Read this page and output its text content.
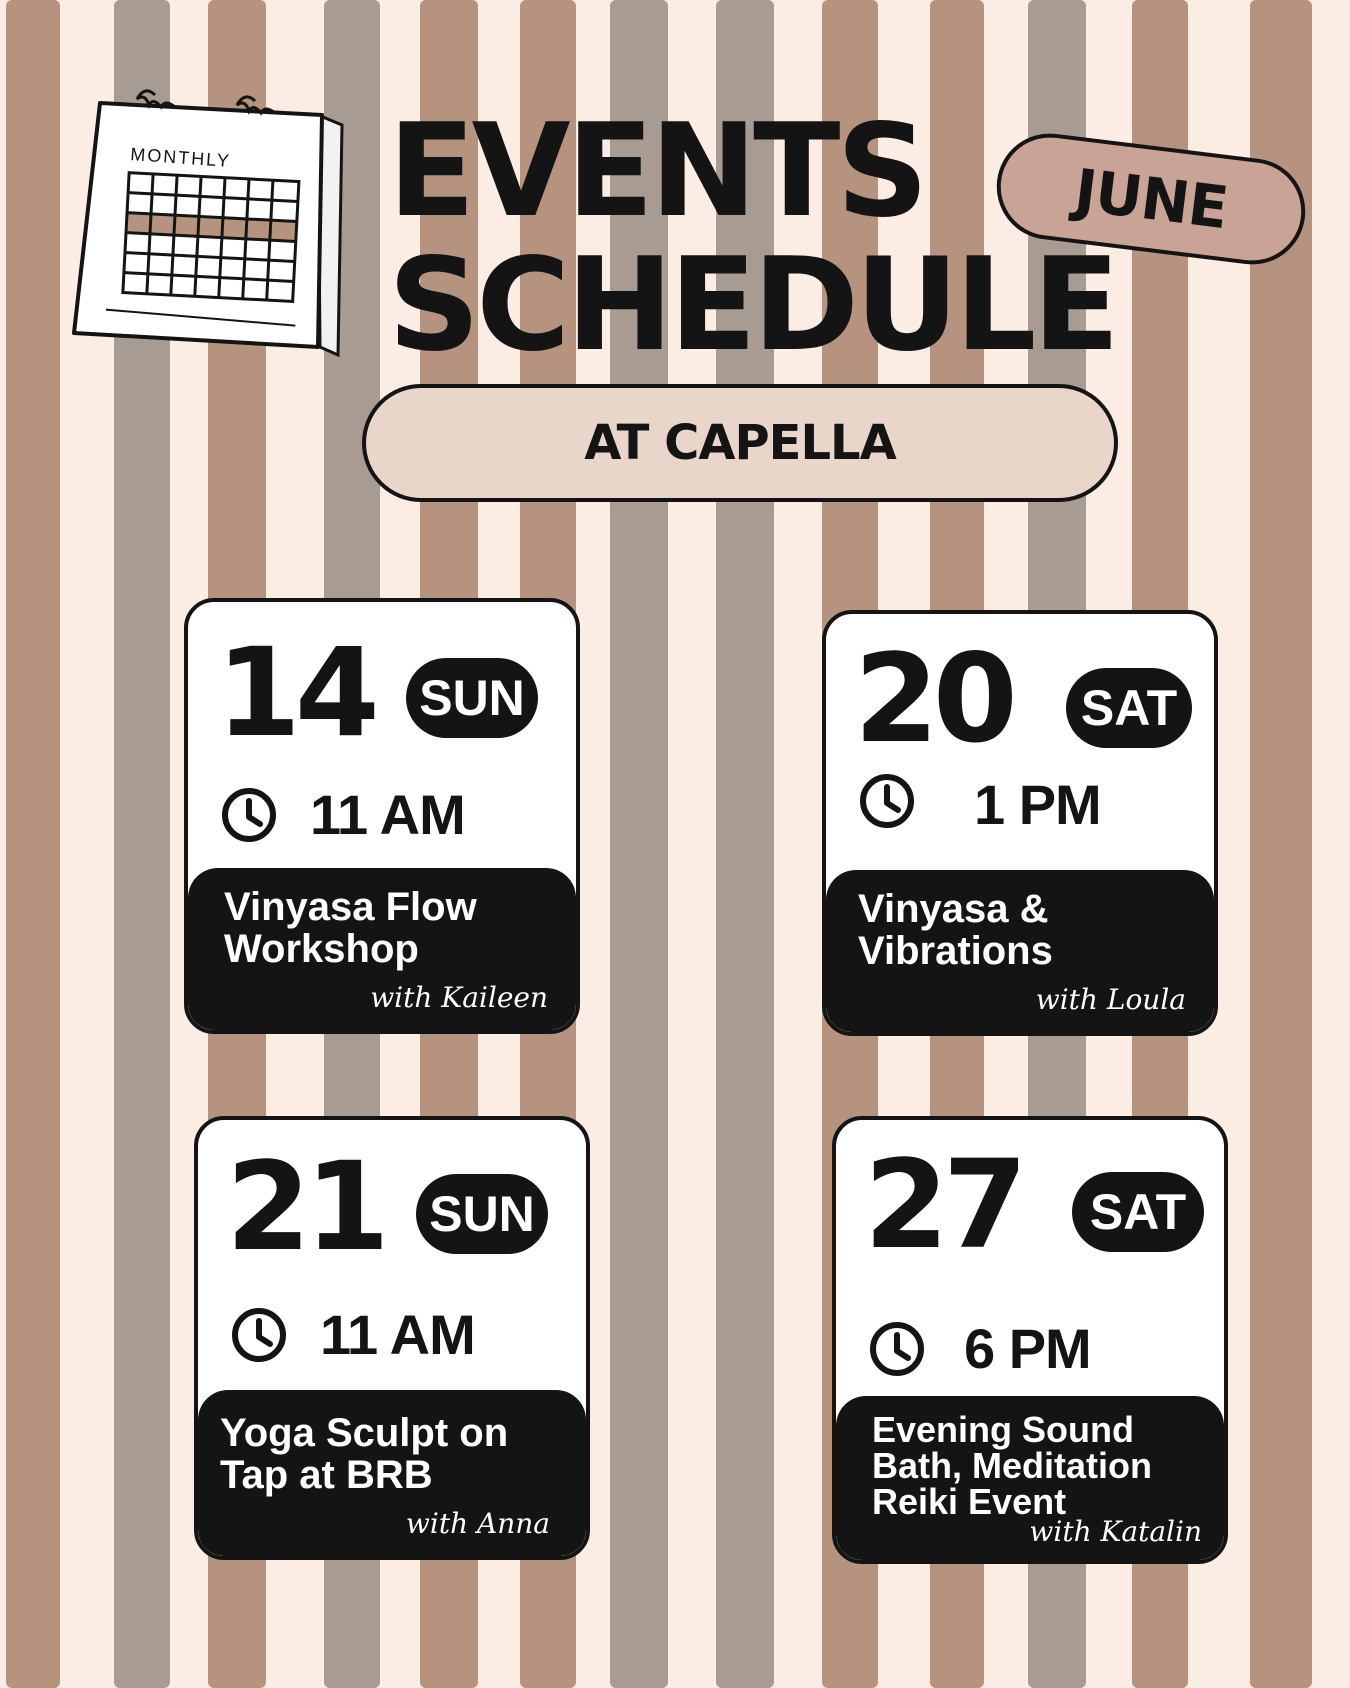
MONTHLY EVENTS
SCHEDULE
JUNE
AT CAPELLA
14 SUN
11 AM
Vinyasa Flow Workshop
with Kaileen
20 SAT
1 PM
Vinyasa & Vibrations
with Loula
21 SUN
11 AM
Yoga Sculpt on Tap at BRB
with Anna
27	SAT
6 PM
Evening Sound Bath, Meditation Reiki Event
with Katalin
